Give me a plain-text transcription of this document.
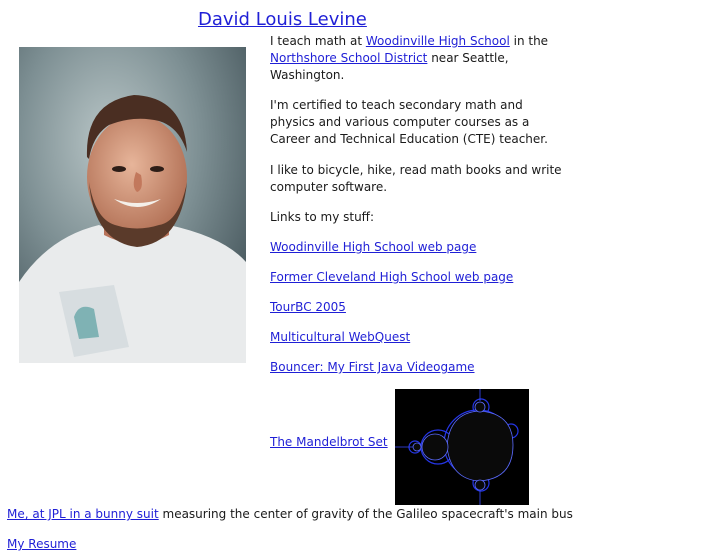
David Louis Levine

I teach math at Woodinville High School in the Northshore School District near Seattle, Washington.

I'm certified to teach secondary math and physics and various computer courses as a Career and Technical Education (CTE) teacher.

I like to bicycle, hike, read math books and write computer software.

Links to my stuff:

Woodinville High School web page
Former Cleveland High School web page
TourBC 2005
Multicultural WebQuest
Bouncer: My First Java Videogame
The Mandelbrot Set
Me, at JPL in a bunny suit measuring the center of gravity of the Galileo spacecraft's main bus
My Resume
